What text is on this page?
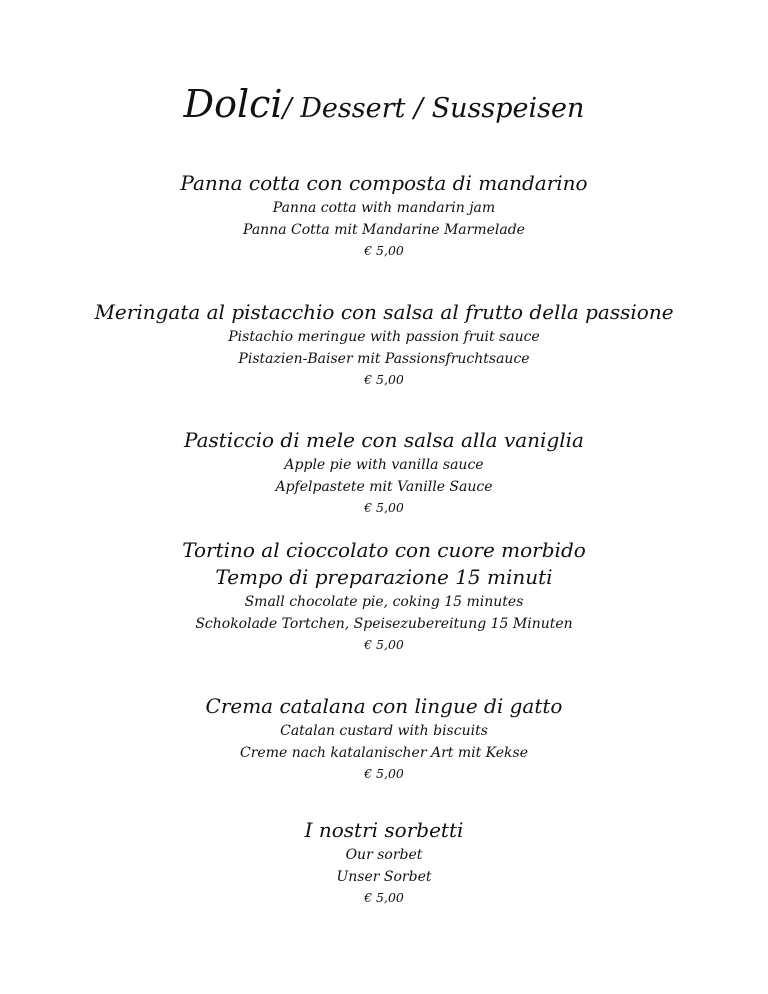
Dolci/ Dessert / Susspeisen
Panna cotta con composta di mandarino
Panna cotta with mandarin jam
Panna Cotta mit Mandarine Marmelade
€ 5,00
Meringata al pistacchio con salsa al frutto della passione
Pistachio meringue with passion fruit sauce
Pistazien-Baiser mit Passionsfruchtsauce
€ 5,00
Pasticcio di mele con salsa alla vaniglia
Apple pie with vanilla sauce
Apfelpastete mit Vanille Sauce
€ 5,00
Tortino al cioccolato con cuore morbido
Tempo di preparazione 15 minuti
Small chocolate pie, coking 15 minutes
Schokolade Tortchen, Speisezubereitung 15 Minuten
€ 5,00
Crema catalana con lingue di gatto
Catalan custard with biscuits
Creme nach katalanischer Art mit Kekse
€ 5,00
I nostri sorbetti
Our sorbet
Unser Sorbet
€ 5,00
